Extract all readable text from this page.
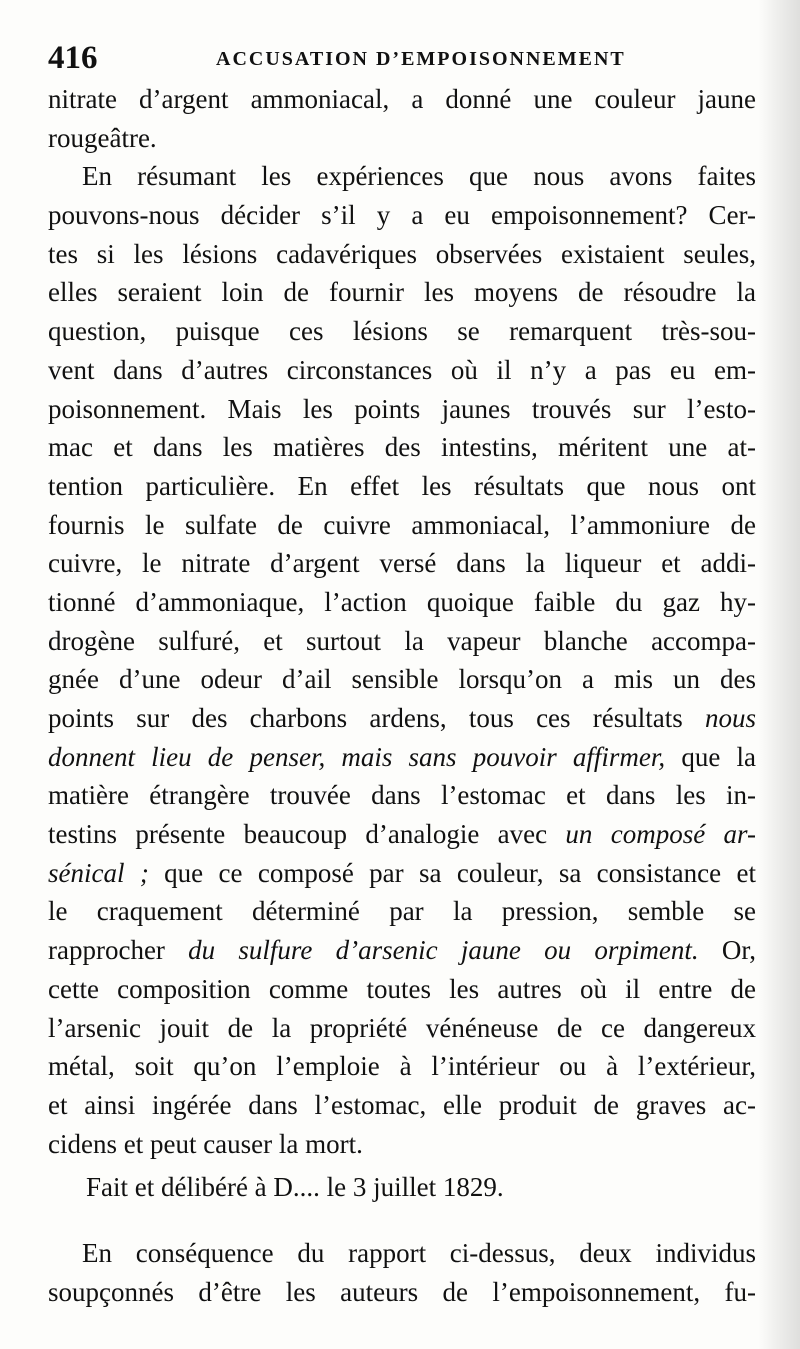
416	ACCUSATION D’EMPOISONNEMENT
nitrate d’argent ammoniacal, a donné une couleur jaune
rougeâtre.
En résumant les expériences que nous avons faites
pouvons-nous décider s’il y a eu empoisonnement? Cer-
tes si les lésions cadavériques observées existaient seules,
elles seraient loin de fournir les moyens de résoudre la
question, puisque ces lésions se remarquent très-sou-
vent dans d’autres circonstances où il n’y a pas eu em-
poisonnement. Mais les points jaunes trouvés sur l’esto-
mac et dans les matières des intestins, méritent une at-
tention particulière. En effet les résultats que nous ont
fournis le sulfate de cuivre ammoniacal, l’ammoniure de
cuivre, le nitrate d’argent versé dans la liqueur et addi-
tionné d’ammoniaque, l’action quoique faible du gaz hy-
drogène sulfuré, et surtout la vapeur blanche accompa-
gnée d’une odeur d’ail sensible lorsqu’on a mis un des
points sur des charbons ardens, tous ces résultats nous
donnent lieu de penser, mais sans pouvoir affirmer, que la
matière étrangère trouvée dans l’estomac et dans les in-
testins présente beaucoup d’analogie avec un composé ar-
sénical ; que ce composé par sa couleur, sa consistance et
le craquement déterminé par la pression, semble se
rapprocher du sulfure d’arsenic jaune ou orpiment. Or,
cette composition comme toutes les autres où il entre de
l’arsenic jouit de la propriété vénéneuse de ce dangereux
métal, soit qu’on l’emploie à l’intérieur ou à l’extérieur,
et ainsi ingérée dans l’estomac, elle produit de graves ac-
cidens et peut causer la mort.
Fait et délibéré à D.... le 3 juillet 1829.
En conséquence du rapport ci-dessus, deux individus
soupçonnés d’être les auteurs de l’empoisonnement, fu-
